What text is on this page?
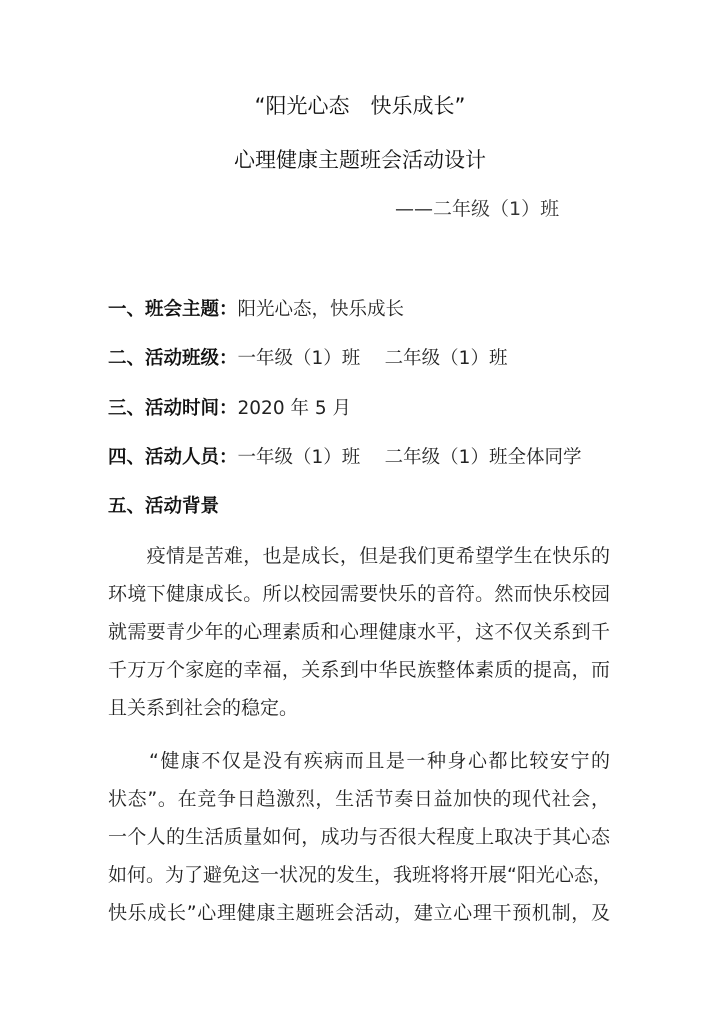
“阳光心态　快乐成长”
心理健康主题班会活动设计
——二年级（1）班
一、班会主题：阳光心态，快乐成长
二、活动班级：一年级（1）班　 二年级（1）班
三、活动时间：2020 年 5 月
四、活动人员：一年级（1）班　 二年级（1）班全体同学
五、活动背景
　　疫情是苦难，也是成长，但是我们更希望学生在快乐的
环境下健康成长。所以校园需要快乐的音符。然而快乐校园
就需要青少年的心理素质和心理健康水平，这不仅关系到千
千万万个家庭的幸福，关系到中华民族整体素质的提高，而
且关系到社会的稳定。
　　“健康不仅是没有疾病而且是一种身心都比较安宁的
状态”。在竞争日趋激烈，生活节奏日益加快的现代社会，
一个人的生活质量如何，成功与否很大程度上取决于其心态
如何。为了避免这一状况的发生，我班将将开展“阳光心态，
快乐成长”心理健康主题班会活动，建立心理干预机制，及
